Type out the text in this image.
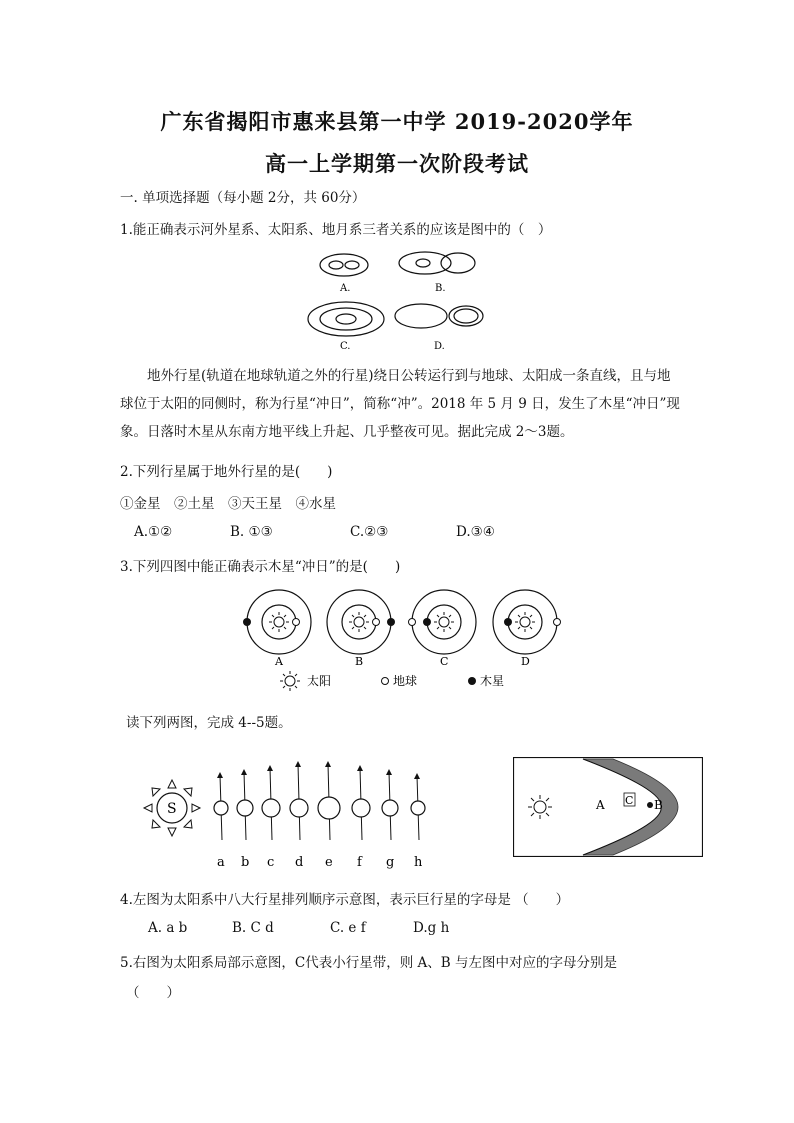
广东省揭阳市惠来县第一中学 2019-2020学年
高一上学期第一次阶段考试
一. 单项选择题（每小题 2分，共 60分）
1.能正确表示河外星系、太阳系、地月系三者关系的应该是图中的（　）
A.	B.
C.	D.
地外行星(轨道在地球轨道之外的行星)绕日公转运行到与地球、太阳成一条直线，且与地球位于太阳的同侧时，称为行星“冲日”，简称“冲”。2018 年 5 月 9 日，发生了木星“冲日”现象。日落时木星从东南方地平线上升起、几乎整夜可见。据此完成 2～3题。
2.下列行星属于地外行星的是(　　)
①金星　②土星　③天王星　④水星
A.①②	B. ①③	C.②③	D.③④
3.下列四图中能正确表示木星“冲日”的是(　　)
A	B	C	D
太阳	地球	木星
读下列两图，完成 4--5题。
S
a b c d e f g h
A C B
4.左图为太阳系中八大行星排列顺序示意图，表示巨行星的字母是 （　　）
A. a b	B. C d	C. e f	D.g h
5.右图为太阳系局部示意图，C代表小行星带，则 A、B 与左图中对应的字母分别是
（　　）
